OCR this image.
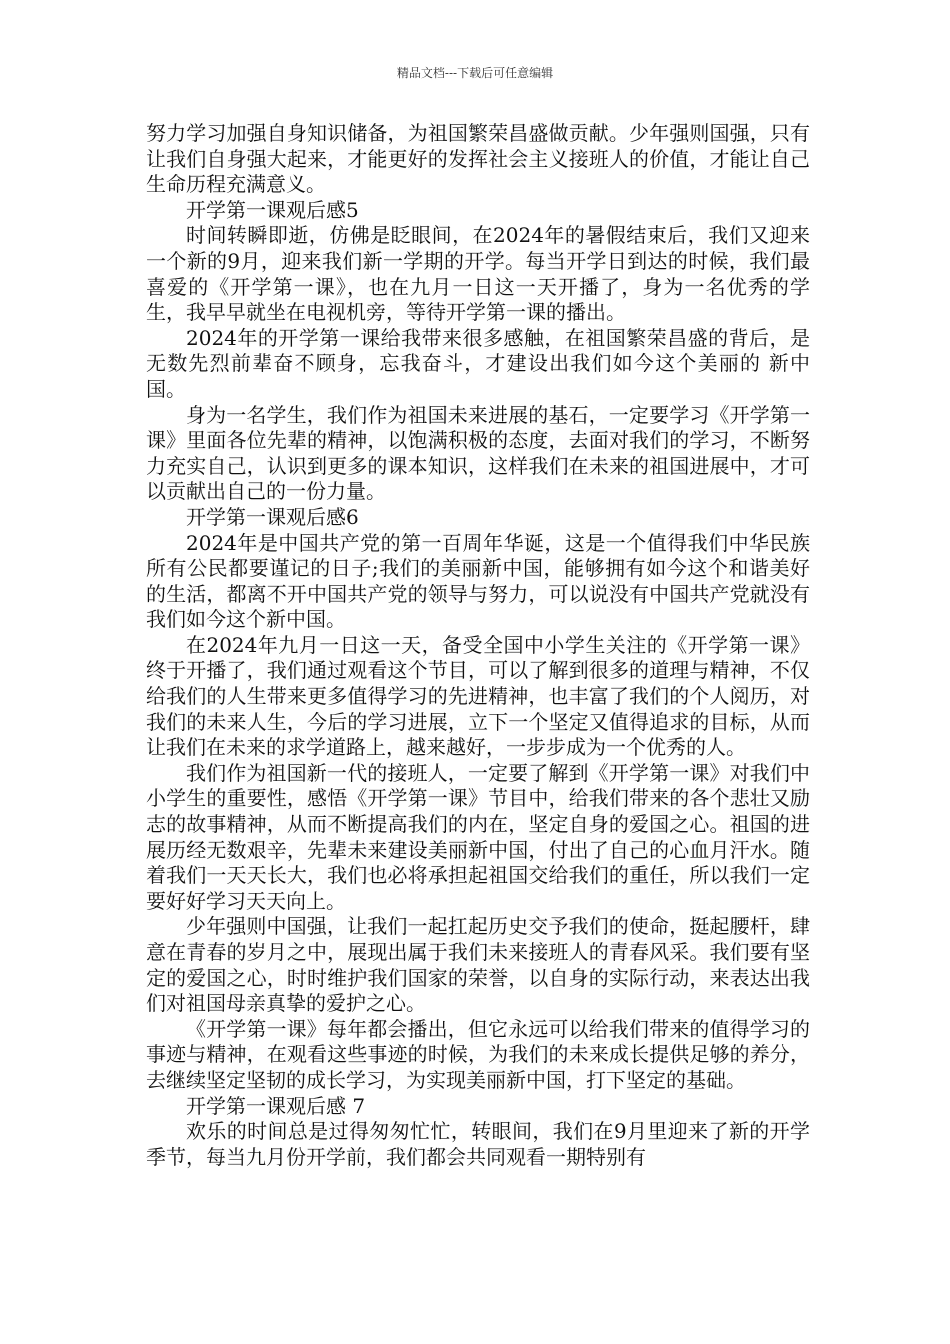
精品文档---下载后可任意编辑

努力学习加强自身知识储备，为祖国繁荣昌盛做贡献。少年强则国强，只有让我们自身强大起来，才能更好的发挥社会主义接班人的价值，才能让自己生命历程充满意义。

开学第一课观后感5

时间转瞬即逝，仿佛是眨眼间，在2024年的暑假结束后，我们又迎来一个新的9月，迎来我们新一学期的开学。每当开学日到达的时候，我们最喜爱的《开学第一课》，也在九月一日这一天开播了，身为一名优秀的学生，我早早就坐在电视机旁，等待开学第一课的播出。

2024年的开学第一课给我带来很多感触，在祖国繁荣昌盛的背后，是无数先烈前辈奋不顾身，忘我奋斗，才建设出我们如今这个美丽的 新中国。

身为一名学生，我们作为祖国未来进展的基石，一定要学习《开学第一课》里面各位先辈的精神，以饱满积极的态度，去面对我们的学习，不断努力充实自己，认识到更多的课本知识，这样我们在未来的祖国进展中，才可以贡献出自己的一份力量。

开学第一课观后感6

2024年是中国共产党的第一百周年华诞，这是一个值得我们中华民族所有公民都要谨记的日子;我们的美丽新中国，能够拥有如今这个和谐美好的生活，都离不开中国共产党的领导与努力，可以说没有中国共产党就没有我们如今这个新中国。

在2024年九月一日这一天，备受全国中小学生关注的《开学第一课》终于开播了，我们通过观看这个节目，可以了解到很多的道理与精神，不仅给我们的人生带来更多值得学习的先进精神，也丰富了我们的个人阅历，对我们的未来人生，今后的学习进展，立下一个坚定又值得追求的目标，从而让我们在未来的求学道路上，越来越好，一步步成为一个优秀的人。

我们作为祖国新一代的接班人，一定要了解到《开学第一课》对我们中小学生的重要性，感悟《开学第一课》节目中，给我们带来的各个悲壮又励志的故事精神，从而不断提高我们的内在，坚定自身的爱国之心。祖国的进展历经无数艰辛，先辈未来建设美丽新中国，付出了自己的心血月汗水。随着我们一天天长大，我们也必将承担起祖国交给我们的重任，所以我们一定要好好学习天天向上。

少年强则中国强，让我们一起扛起历史交予我们的使命，挺起腰杆，肆意在青春的岁月之中，展现出属于我们未来接班人的青春风采。我们要有坚定的爱国之心，时时维护我们国家的荣誉，以自身的实际行动，来表达出我们对祖国母亲真挚的爱护之心。

《开学第一课》每年都会播出，但它永远可以给我们带来的值得学习的事迹与精神，在观看这些事迹的时候，为我们的未来成长提供足够的养分，去继续坚定坚韧的成长学习，为实现美丽新中国，打下坚定的基础。

开学第一课观后感 7

欢乐的时间总是过得匆匆忙忙，转眼间，我们在9月里迎来了新的开学季节，每当九月份开学前，我们都会共同观看一期特别有
